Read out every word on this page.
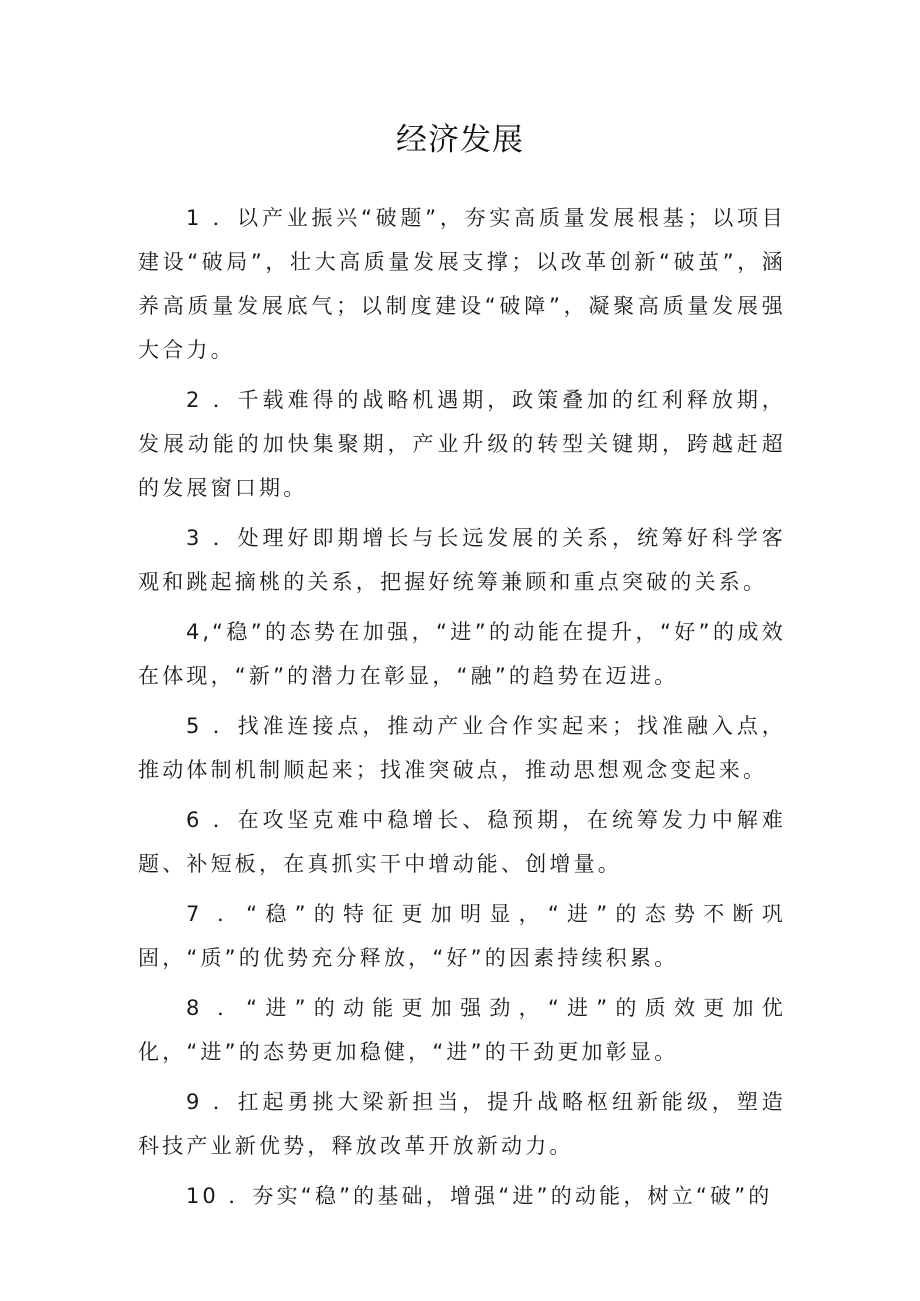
经济发展

1 ．以产业振兴“破题”，夯实高质量发展根基；以项目建设“破局”，壮大高质量发展支撑；以改革创新“破茧”，涵养高质量发展底气；以制度建设“破障”，凝聚高质量发展强大合力。

2 ．千载难得的战略机遇期，政策叠加的红利释放期，发展动能的加快集聚期，产业升级的转型关键期，跨越赶超的发展窗口期。

3 ．处理好即期增长与长远发展的关系，统筹好科学客观和跳起摘桃的关系，把握好统筹兼顾和重点突破的关系。

4,“稳”的态势在加强，“进”的动能在提升，“好”的成效在体现，“新”的潜力在彰显，“融”的趋势在迈进。

5 ．找准连接点，推动产业合作实起来；找准融入点，推动体制机制顺起来；找准突破点，推动思想观念变起来。

6 ．在攻坚克难中稳增长、稳预期，在统筹发力中解难题、补短板，在真抓实干中增动能、创增量。

7 ．“稳”的特征更加明显，“进”的态势不断巩固，“质”的优势充分释放，“好”的因素持续积累。

8 ．“进”的动能更加强劲，“进”的质效更加优化，“进”的态势更加稳健，“进”的干劲更加彰显。

9 ．扛起勇挑大梁新担当，提升战略枢纽新能级，塑造科技产业新优势，释放改革开放新动力。

10 ．夯实“稳”的基础，增强“进”的动能，树立“破”的
